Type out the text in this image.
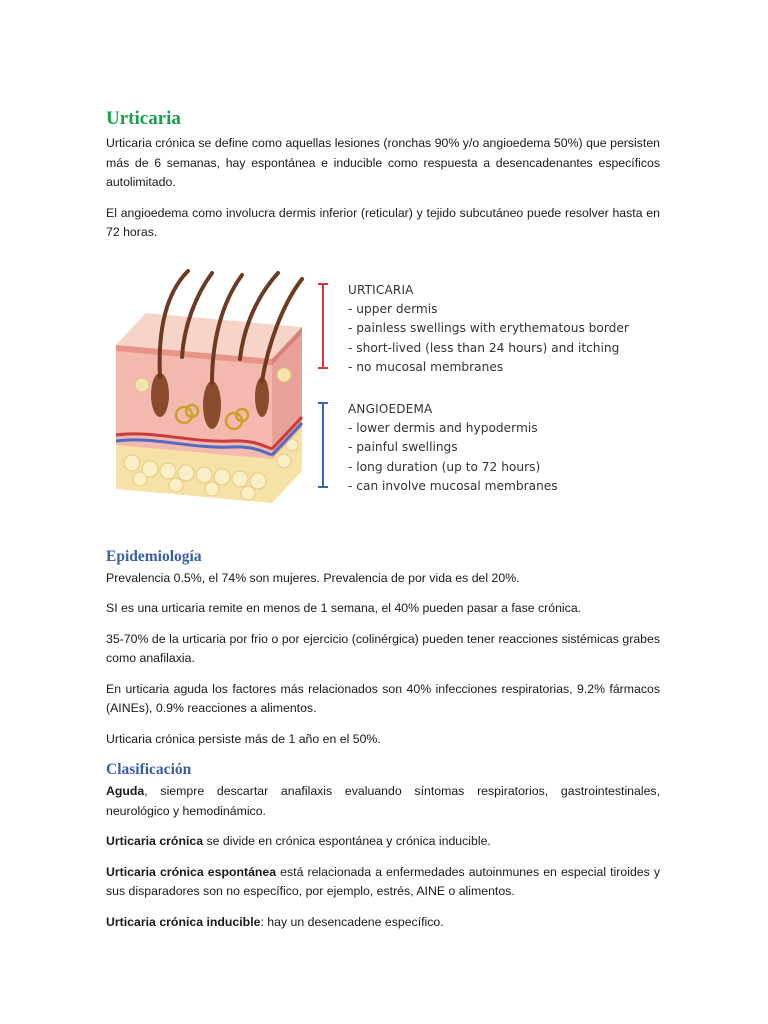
Urticaria

Urticaria crónica se define como aquellas lesiones (ronchas 90% y/o angioedema 50%) que persisten más de 6 semanas, hay espontánea e inducible como respuesta a desencadenantes específicos autolimitado.

El angioedema como involucra dermis inferior (reticular) y tejido subcutáneo puede resolver hasta en 72 horas.

URTICARIA
- upper dermis
- painless swellings with erythematous border
- short-lived (less than 24 hours) and itching
- no mucosal membranes
ANGIOEDEMA
- lower dermis and hypodermis
- painful swellings
- long duration (up to 72 hours)
- can involve mucosal membranes
Epidemiología

Prevalencia 0.5%, el 74% son mujeres. Prevalencia de por vida es del 20%.

SI es una urticaria remite en menos de 1 semana, el 40% pueden pasar a fase crónica.

35-70% de la urticaria por frio o por ejercicio (colinérgica) pueden tener reacciones sistémicas grabes como anafilaxia.

En urticaria aguda los factores más relacionados son 40% infecciones respiratorias, 9.2% fármacos (AINEs), 0.9% reacciones a alimentos.

Urticaria crónica persiste más de 1 año en el 50%.

Clasificación

Aguda, siempre descartar anafilaxis evaluando síntomas respiratorios, gastrointestinales, neurológico y hemodinámico.

Urticaria crónica se divide en crónica espontánea y crónica inducible.

Urticaria crónica espontánea está relacionada a enfermedades autoinmunes en especial tiroides y sus disparadores son no específico, por ejemplo, estrés, AINE o alimentos.

Urticaria crónica inducible: hay un desencadene específico.
